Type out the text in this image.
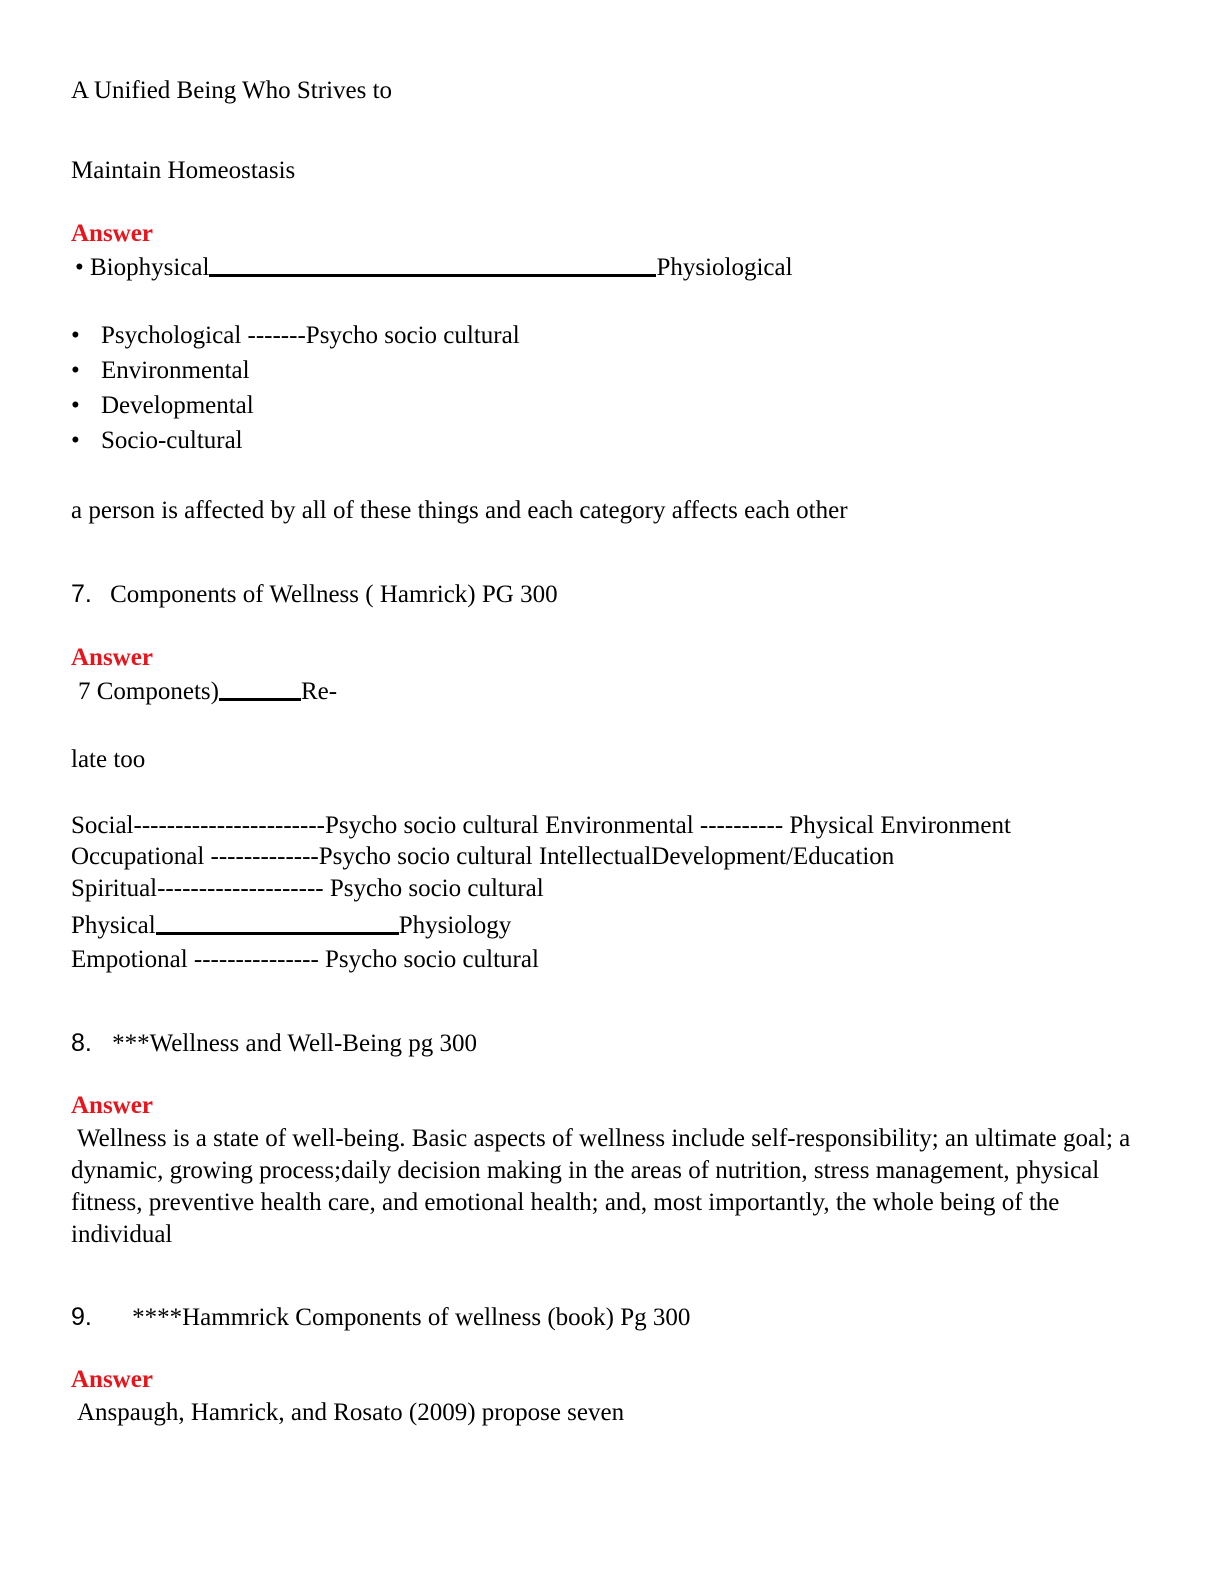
A Unified Being Who Strives to
Maintain Homeostasis
Answer
• Biophysical	Physiological
• Psychological -------Psycho socio cultural
• Environmental
• Developmental
• Socio-cultural
a person is affected by all of these things and each category affects each other
7. Components of Wellness ( Hamrick) PG 300
Answer
7 Componets)	Re-
late too
Social-----------------------Psycho socio cultural Environmental ---------- Physical Environment
Occupational -------------Psycho socio cultural IntellectualDevelopment/Education
Spiritual-------------------- Psycho socio cultural
Physical	Physiology
Empotional --------------- Psycho socio cultural
8. ***Wellness and Well-Being pg 300
Answer
Wellness is a state of well-being. Basic aspects of wellness include self-responsibility; an ultimate goal; a dynamic, growing process;daily decision making in the areas of nutrition, stress management, physical fitness, preventive health care, and emotional health; and, most importantly, the whole being of the individual
9. ****Hammrick Components of wellness (book) Pg 300
Answer
Anspaugh, Hamrick, and Rosato (2009) propose seven
